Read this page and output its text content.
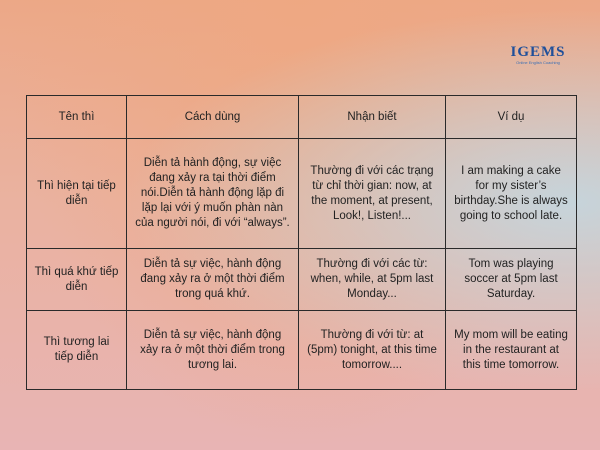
IGEMS
Online English Coaching
Tên thì	Cách dùng	Nhận biết	Ví dụ
Thì hiện tại tiếp diễn	Diễn tả hành động, sự việc đang xảy ra tại thời điểm nói.Diễn tả hành động lặp đi lặp lại với ý muốn phàn nàn của người nói, đi với “always”.	Thường đi với các trạng từ chỉ thời gian: now, at the moment, at present, Look!, Listen!...	I am making a cake for my sister’s birthday.She is always going to school late.
Thì quá khứ tiếp diễn	Diễn tả sự việc, hành động đang xảy ra ở một thời điểm trong quá khứ.	Thường đi với các từ: when, while, at 5pm last Monday...	Tom was playing soccer at 5pm last Saturday.
Thì tương lai tiếp diễn	Diễn tả sự việc, hành động xảy ra ở một thời điểm trong tương lai.	Thường đi với từ: at (5pm) tonight, at this time tomorrow....	My mom will be eating in the restaurant at this time tomorrow.
